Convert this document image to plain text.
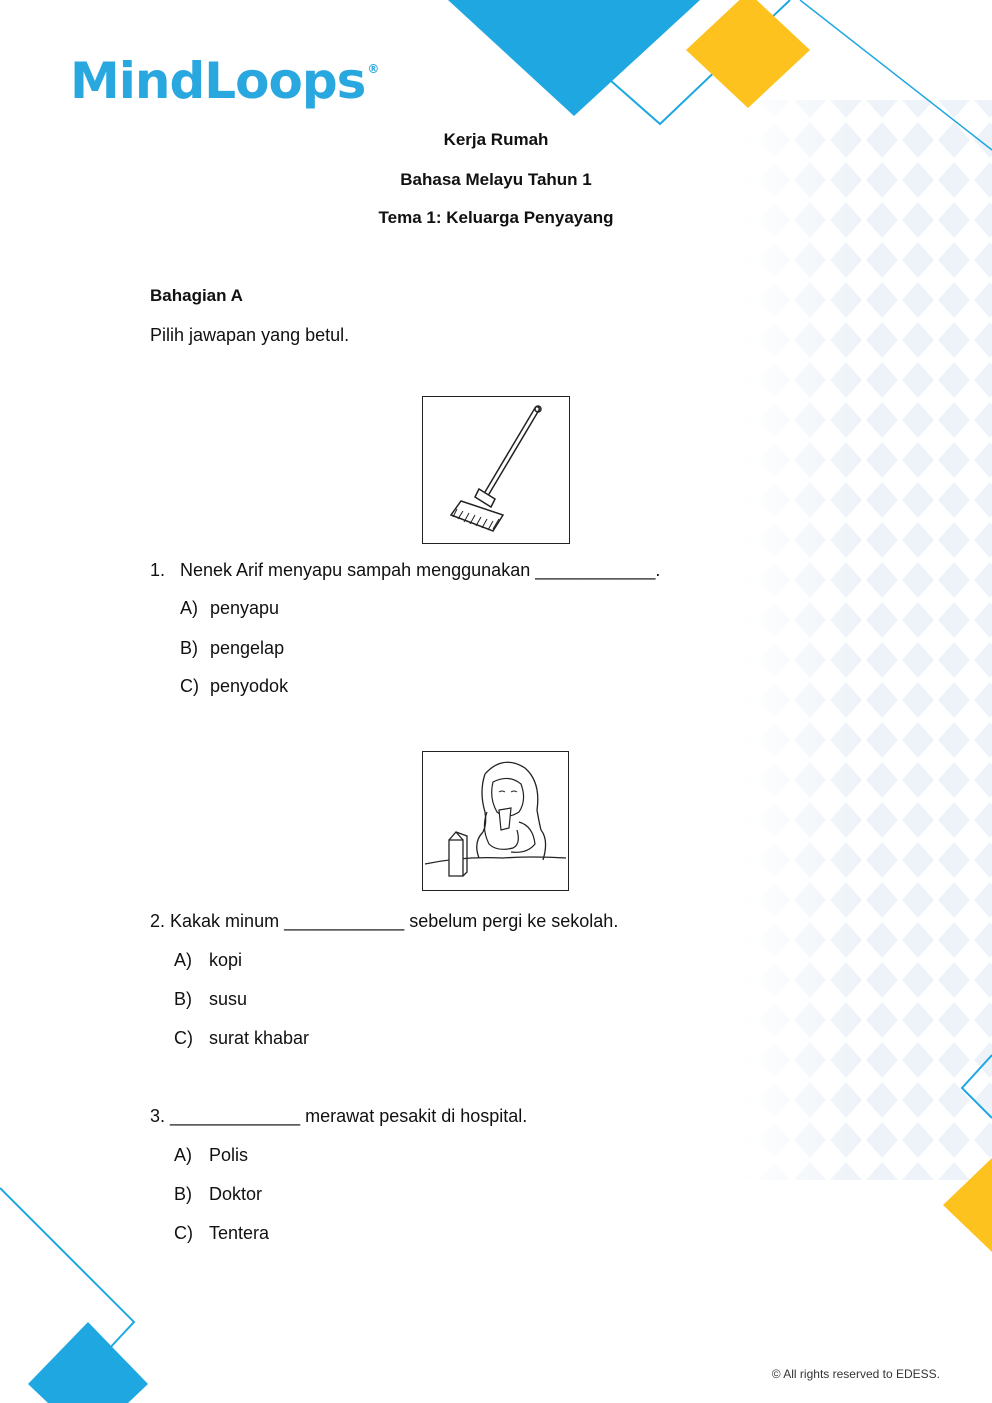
MindLoops ®
Kerja Rumah
Bahasa Melayu Tahun 1
Tema 1: Keluarga Penyayang
Bahagian A
Pilih jawapan yang betul.
1. Nenek Arif menyapu sampah menggunakan ____________.
A) penyapu
B) pengelap
C) penyodok
2. Kakak minum ____________ sebelum pergi ke sekolah.
A) kopi
B) susu
C) surat khabar
3. _____________ merawat pesakit di hospital.
A) Polis
B) Doktor
C) Tentera
© All rights reserved to EDESS.
